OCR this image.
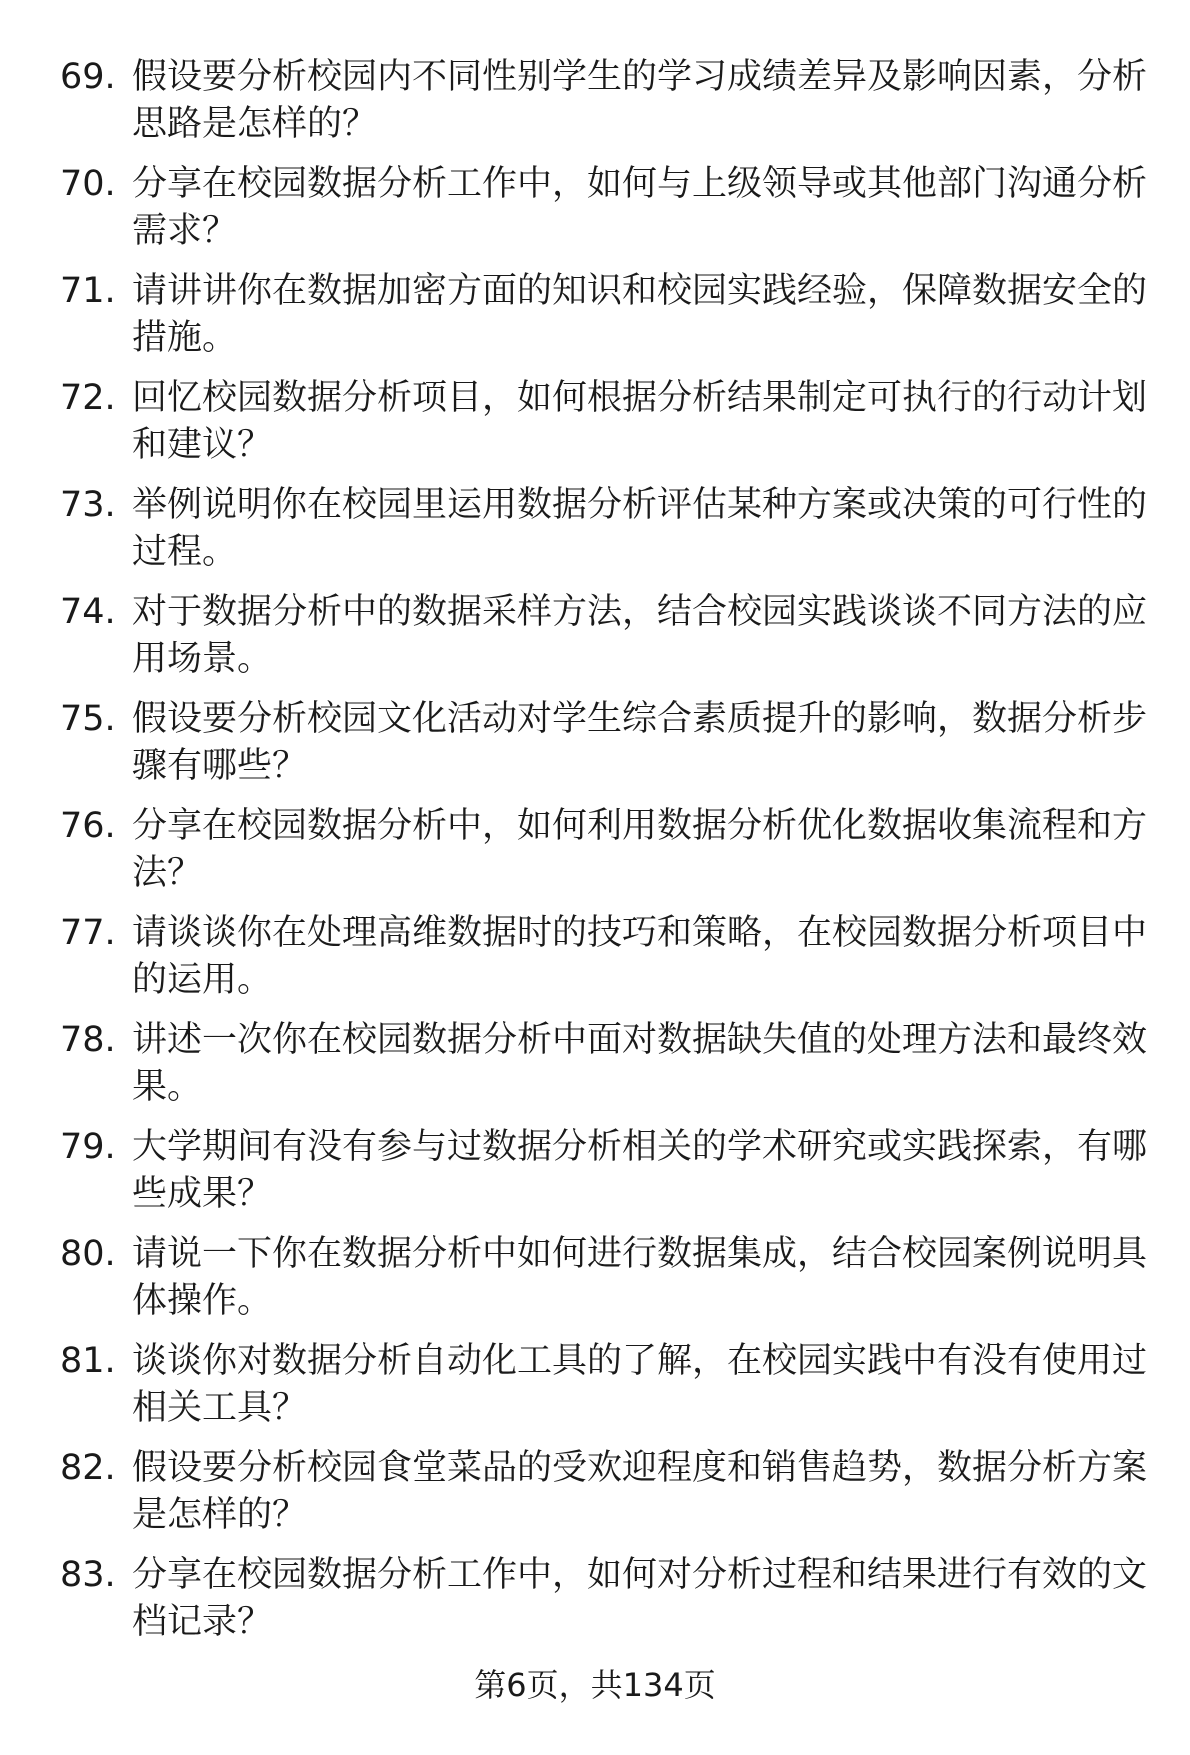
69. 假设要分析校园内不同性别学生的学习成绩差异及影响因素，分析思路是怎样的？
70. 分享在校园数据分析工作中，如何与上级领导或其他部门沟通分析需求？
71. 请讲讲你在数据加密方面的知识和校园实践经验，保障数据安全的措施。
72. 回忆校园数据分析项目，如何根据分析结果制定可执行的行动计划和建议？
73. 举例说明你在校园里运用数据分析评估某种方案或决策的可行性的过程。
74. 对于数据分析中的数据采样方法，结合校园实践谈谈不同方法的应用场景。
75. 假设要分析校园文化活动对学生综合素质提升的影响，数据分析步骤有哪些？
76. 分享在校园数据分析中，如何利用数据分析优化数据收集流程和方法？
77. 请谈谈你在处理高维数据时的技巧和策略，在校园数据分析项目中的运用。
78. 讲述一次你在校园数据分析中面对数据缺失值的处理方法和最终效果。
79. 大学期间有没有参与过数据分析相关的学术研究或实践探索，有哪些成果？
80. 请说一下你在数据分析中如何进行数据集成，结合校园案例说明具体操作。
81. 谈谈你对数据分析自动化工具的了解，在校园实践中有没有使用过相关工具？
82. 假设要分析校园食堂菜品的受欢迎程度和销售趋势，数据分析方案是怎样的？
83. 分享在校园数据分析工作中，如何对分析过程和结果进行有效的文档记录？
第6页，共134页
